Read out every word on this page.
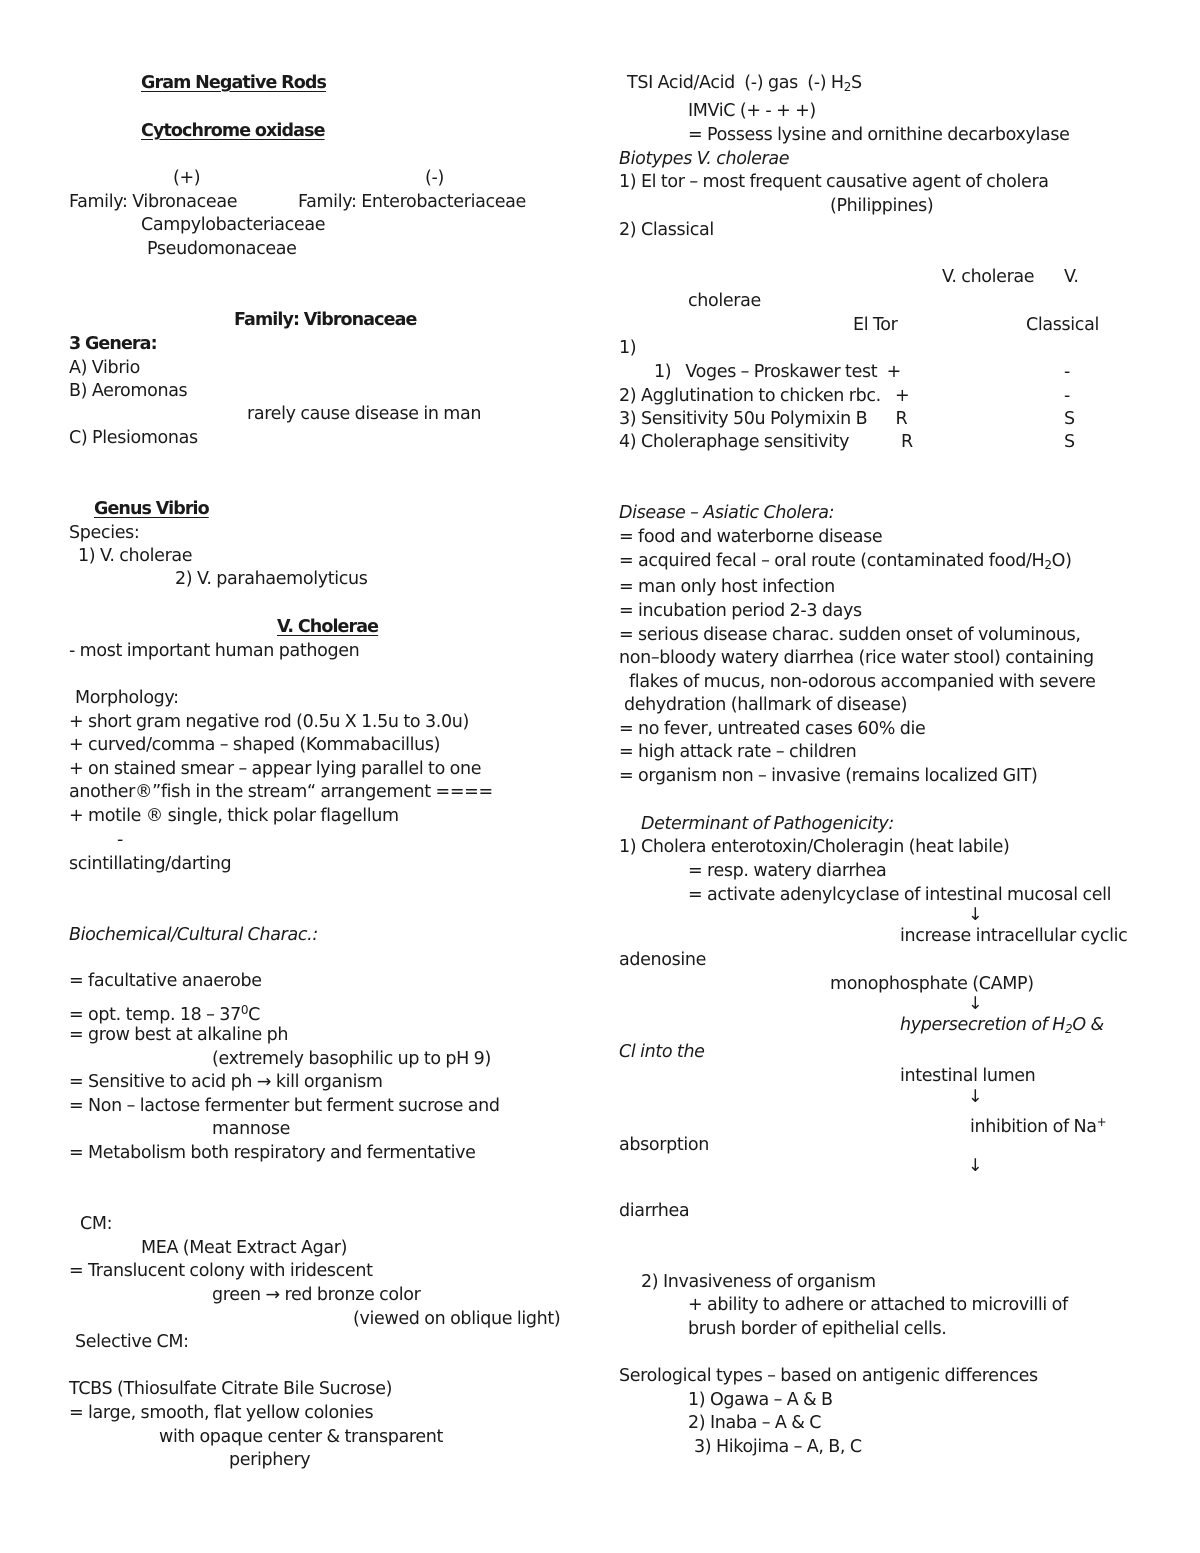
Gram Negative Rods
Cytochrome oxidase
(+)	(-)
Family: Vibronaceae	Family: Enterobacteriaceae
Campylobacteriaceae
Pseudomonaceae
Family: Vibronaceae
3 Genera:
A) Vibrio
B) Aeromonas
rarely cause disease in man
C) Plesiomonas
Genus Vibrio
Species:
1) V. cholerae
2) V. parahaemolyticus
V. Cholerae
- most important human pathogen
Morphology:
+ short gram negative rod (0.5u X 1.5u to 3.0u)
+ curved/comma – shaped (Kommabacillus)
+ on stained smear – appear lying parallel to one
another®”fish in the stream“ arrangement ====
+ motile ® single, thick polar flagellum
-
scintillating/darting
Biochemical/Cultural Charac.:
= facultative anaerobe
= opt. temp. $18 - 37^0C$
= grow best at alkaline ph
(extremely basophilic up to pH 9)
= Sensitive to acid ph → kill organism
= Non – lactose fermenter but ferment sucrose and
mannose
= Metabolism both respiratory and fermentative
CM:
MEA (Meat Extract Agar)
= Translucent colony with iridescent
green → red bronze color
(viewed on oblique light)
Selective CM:
TCBS (Thiosulfate Citrate Bile Sucrose)
= large, smooth, flat yellow colonies
with opaque center & transparent
periphery
TSI Acid/Acid  (-) gas  (-) $H_2S$
IMViC (+ - + +)
= Possess lysine and ornithine decarboxylase
Biotypes V. cholerae
1) El tor – most frequent causative agent of cholera
(Philippines)
2) Classical
V. cholerae V.
cholerae
El Tor	Classical
1)
1)   Voges – Proskawer test  +	-
2) Agglutination to chicken rbc.   +	-
3) Sensitivity 50u Polymixin B      R	S
4) Choleraphage sensitivity           R	S
Disease – Asiatic Cholera:
= food and waterborne disease
= acquired fecal – oral route (contaminated food/$H_2O$)
= man only host infection
= incubation period 2-3 days
= serious disease charac. sudden onset of voluminous,
non–bloody watery diarrhea (rice water stool) containing
flakes of mucus, non-odorous accompanied with severe
dehydration (hallmark of disease)
= no fever, untreated cases 60% die
= high attack rate – children
= organism non – invasive (remains localized GIT)
Determinant of Pathogenicity:
1) Cholera enterotoxin/Choleragin (heat labile)
= resp. watery diarrhea
= activate adenylcyclase of intestinal mucosal cell
↓
increase intracellular cyclic
adenosine
monophosphate (CAMP)
↓
hypersecretion of $H_2O$ &
Cl into the
intestinal lumen
↓
inhibition of Na+
absorption
↓
diarrhea
2) Invasiveness of organism
+ ability to adhere or attached to microvilli of
brush border of epithelial cells.
Serological types – based on antigenic differences
1) Ogawa – A & B
2) Inaba – A & C
3) Hikojima – A, B, C
